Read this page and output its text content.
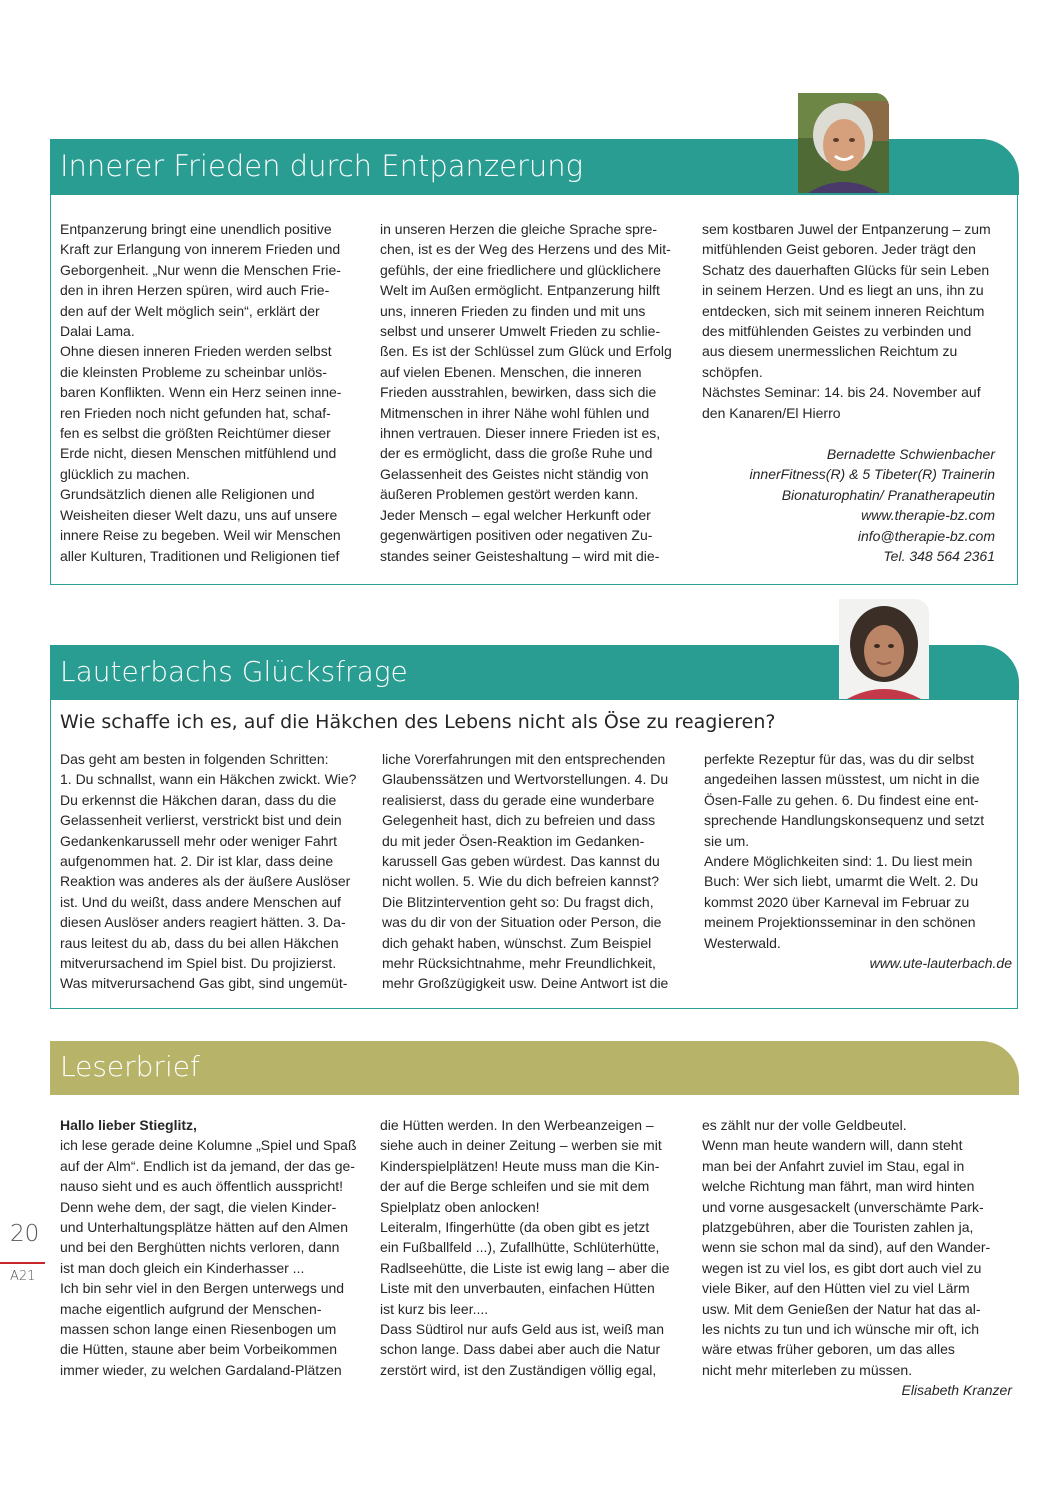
Innerer Frieden durch Entpanzerung

Entpanzerung bringt eine unendlich positive

Kraft zur Erlangung von innerem Frieden und

Geborgenheit. „Nur wenn die Menschen Frie-

den in ihren Herzen spüren, wird auch Frie-

den auf der Welt möglich sein“, erklärt der

Dalai Lama.

Ohne diesen inneren Frieden werden selbst

die kleinsten Probleme zu scheinbar unlös-

baren Konflikten. Wenn ein Herz seinen inne-

ren Frieden noch nicht gefunden hat, schaf-

fen es selbst die größten Reichtümer dieser

Erde nicht, diesen Menschen mitfühlend und

glücklich zu machen.

Grundsätzlich dienen alle Religionen und

Weisheiten dieser Welt dazu, uns auf unsere

innere Reise zu begeben. Weil wir Menschen

aller Kulturen, Traditionen und Religionen tief

in unseren Herzen die gleiche Sprache spre-

chen, ist es der Weg des Herzens und des Mit-

gefühls, der eine friedlichere und glücklichere

Welt im Außen ermöglicht. Entpanzerung hilft

uns, inneren Frieden zu finden und mit uns

selbst und unserer Umwelt Frieden zu schlie-

ßen. Es ist der Schlüssel zum Glück und Erfolg

auf vielen Ebenen. Menschen, die inneren

Frieden ausstrahlen, bewirken, dass sich die

Mitmenschen in ihrer Nähe wohl fühlen und

ihnen vertrauen. Dieser innere Frieden ist es,

der es ermöglicht, dass die große Ruhe und

Gelassenheit des Geistes nicht ständig von

äußeren Problemen gestört werden kann.

Jeder Mensch – egal welcher Herkunft oder

gegenwärtigen positiven oder negativen Zu-

standes seiner Geisteshaltung – wird mit die-

sem kostbaren Juwel der Entpanzerung – zum

mitfühlenden Geist geboren. Jeder trägt den

Schatz des dauerhaften Glücks für sein Leben

in seinem Herzen. Und es liegt an uns, ihn zu

entdecken, sich mit seinem inneren Reichtum

des mitfühlenden Geistes zu verbinden und

aus diesem unermesslichen Reichtum zu

schöpfen.

Nächstes Seminar: 14. bis 24. November auf

den Kanaren/El Hierro

Bernadette Schwienbacher

innerFitness(R) & 5 Tibeter(R) Trainerin

Bionaturophatin/ Pranatherapeutin

www.therapie-bz.com

info@therapie-bz.com

Tel. 348 564 2361

Lauterbachs Glücksfrage
Wie schaffe ich es, auf die Häkchen des Lebens nicht als Öse zu reagieren?

Das geht am besten in folgenden Schritten:

1. Du schnallst, wann ein Häkchen zwickt. Wie?

Du erkennst die Häkchen daran, dass du die

Gelassenheit verlierst, verstrickt bist und dein

Gedankenkarussell mehr oder weniger Fahrt

aufgenommen hat. 2. Dir ist klar, dass deine

Reaktion was anderes als der äußere Auslöser

ist. Und du weißt, dass andere Menschen auf

diesen Auslöser anders reagiert hätten. 3. Da-

raus leitest du ab, dass du bei allen Häkchen

mitverursachend im Spiel bist. Du projizierst.

Was mitverursachend Gas gibt, sind ungemüt-

liche Vorerfahrungen mit den entsprechenden

Glaubenssätzen und Wertvorstellungen. 4. Du

realisierst, dass du gerade eine wunderbare

Gelegenheit hast, dich zu befreien und dass

du mit jeder Ösen-Reaktion im Gedanken-

karussell Gas geben würdest. Das kannst du

nicht wollen. 5. Wie du dich befreien kannst?

Die Blitzintervention geht so: Du fragst dich,

was du dir von der Situation oder Person, die

dich gehakt haben, wünschst. Zum Beispiel

mehr Rücksichtnahme, mehr Freundlichkeit,

mehr Großzügigkeit usw. Deine Antwort ist die

perfekte Rezeptur für das, was du dir selbst

angedeihen lassen müsstest, um nicht in die

Ösen-Falle zu gehen. 6. Du findest eine ent-

sprechende Handlungskonsequenz und setzt

sie um.

Andere Möglichkeiten sind: 1. Du liest mein

Buch: Wer sich liebt, umarmt die Welt. 2. Du

kommst 2020 über Karneval im Februar zu

meinem Projektionsseminar in den schönen

Westerwald.

www.ute-lauterbach.de

Leserbrief

Hallo lieber Stieglitz,

ich lese gerade deine Kolumne „Spiel und Spaß

auf der Alm“. Endlich ist da jemand, der das ge-

nauso sieht und es auch öffentlich ausspricht!

Denn wehe dem, der sagt, die vielen Kinder-

und Unterhaltungsplätze hätten auf den Almen

und bei den Berghütten nichts verloren, dann

ist man doch gleich ein Kinderhasser ...

Ich bin sehr viel in den Bergen unterwegs und

mache eigentlich aufgrund der Menschen-

massen schon lange einen Riesenbogen um

die Hütten, staune aber beim Vorbeikommen

immer wieder, zu welchen Gardaland-Plätzen

die Hütten werden. In den Werbeanzeigen –

siehe auch in deiner Zeitung – werben sie mit

Kinderspielplätzen! Heute muss man die Kin-

der auf die Berge schleifen und sie mit dem

Spielplatz oben anlocken!

Leiteralm, Ifingerhütte (da oben gibt es jetzt

ein Fußballfeld ...), Zufallhütte, Schlüterhütte,

Radlseehütte, die Liste ist ewig lang – aber die

Liste mit den unverbauten, einfachen Hütten

ist kurz bis leer....

Dass Südtirol nur aufs Geld aus ist, weiß man

schon lange. Dass dabei aber auch die Natur

zerstört wird, ist den Zuständigen völlig egal,

es zählt nur der volle Geldbeutel.

Wenn man heute wandern will, dann steht

man bei der Anfahrt zuviel im Stau, egal in

welche Richtung man fährt, man wird hinten

und vorne ausgesackelt (unverschämte Park-

platzgebühren, aber die Touristen zahlen ja,

wenn sie schon mal da sind), auf den Wander-

wegen ist zu viel los, es gibt dort auch viel zu

viele Biker, auf den Hütten viel zu viel Lärm

usw. Mit dem Genießen der Natur hat das al-

les nichts zu tun und ich wünsche mir oft, ich

wäre etwas früher geboren, um das alles

nicht mehr miterleben zu müssen.

Elisabeth Kranzer

20
A21
